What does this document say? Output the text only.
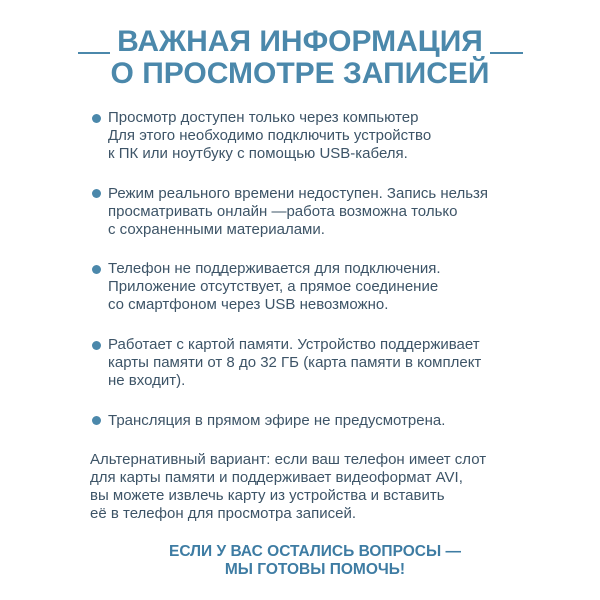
ВАЖНАЯ ИНФОРМАЦИЯ
О ПРОСМОТРЕ ЗАПИСЕЙ
Просмотр доступен только через компьютер
Для этого необходимо подключить устройство
к ПК или ноутбуку с помощью USB-кабеля.
Режим реального времени недоступен. Запись нельзя
просматривать онлайн —работа возможна только
с сохраненными материалами.
Телефон не поддерживается для подключения.
Приложение отсутствует, а прямое соединение
со смартфоном через USB невозможно.
Работает с картой памяти. Устройство поддерживает
карты памяти от 8 до 32 ГБ (карта памяти в комплект
не входит).
Трансляция в прямом эфире не предусмотрена.
Альтернативный вариант: если ваш телефон имеет слот
для карты памяти и поддерживает видеоформат AVI,
вы можете извлечь карту из устройства и вставить
её в телефон для просмотра записей.
ЕСЛИ У ВАС ОСТАЛИСЬ ВОПРОСЫ —
МЫ ГОТОВЫ ПОМОЧЬ!
